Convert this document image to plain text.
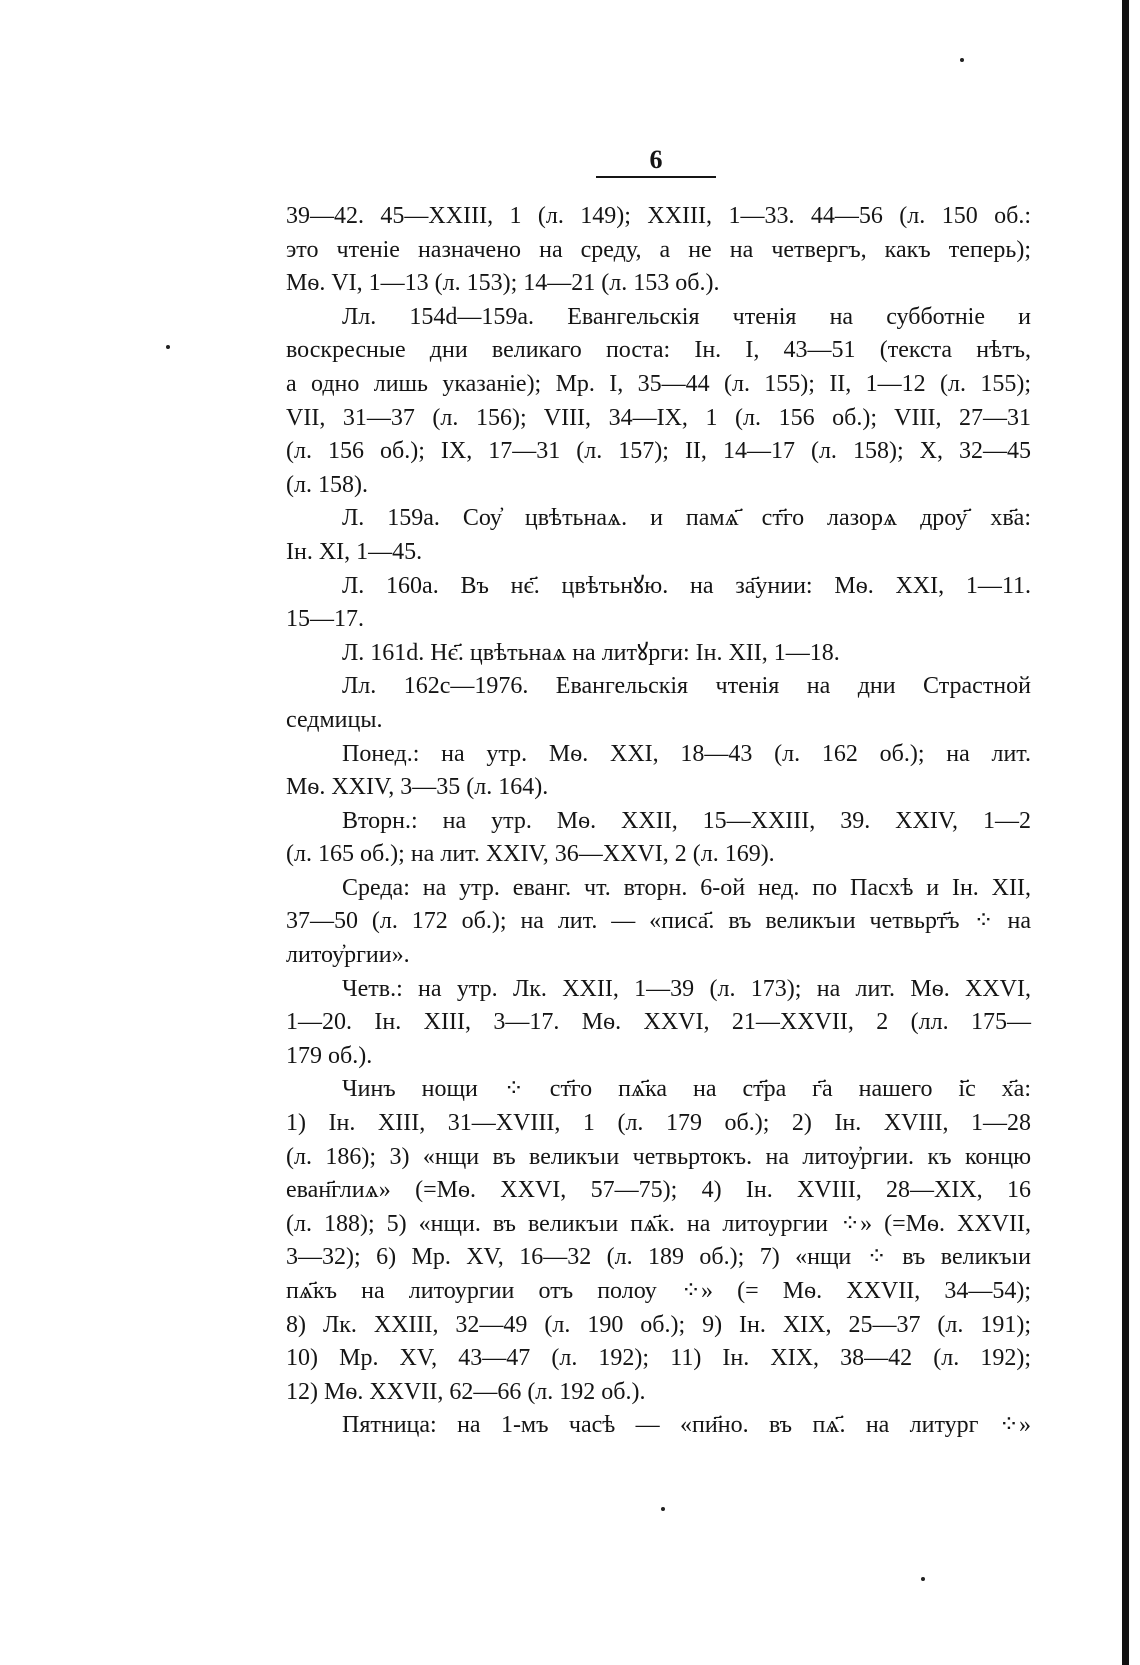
6
39—42. 45—XXIII, 1 (л. 149); XXIII, 1—33. 44—56 (л. 150 об.:
это чтеніе назначено на среду, а не на четвергъ, какъ теперь);
Мѳ. VI, 1—13 (л. 153); 14—21 (л. 153 об.).
Лл. 154d—159a. Евангельскія чтенія на субботніе и
воскресные дни великаго поста: Ін. I, 43—51 (текста нѣтъ,
а одно лишь указаніе); Мр. I, 35—44 (л. 155); II, 1—12 (л. 155);
VII, 31—37 (л. 156); VIII, 34—IX, 1 (л. 156 об.); VIII, 27—31
(л. 156 об.); IX, 17—31 (л. 157); II, 14—17 (л. 158); X, 32—45
(л. 158).
Л. 159a. Соу҆ цвѣтьнаѧ. и памѧ҃ ст҃го лазорѧ дроу҃ хв҃а:
Ін. XI, 1—45.
Л. 160a. Въ нє҃. цвѣтьнꙋю. на за҃унии: Мѳ. XXI, 1—11.
15—17.
Л. 161d. Нє҃. цвѣтьнаѧ на литꙋрги: Ін. XII, 1—18.
Лл. 162c—1976. Евангельскія чтенія на дни Страстной
седмицы.
Понед.: на утр. Мѳ. XXI, 18—43 (л. 162 об.); на лит.
Мѳ. XXIV, 3—35 (л. 164).
Вторн.: на утр. Мѳ. XXII, 15—XXIII, 39. XXIV, 1—2
(л. 165 об.); на лит. XXIV, 36—XXVI, 2 (л. 169).
Среда: на утр. еванг. чт. вторн. 6-ой нед. по Пасхѣ и Ін. XII,
37—50 (л. 172 об.); на лит. — «писа҃. въ великъıи четвьрт҃ъ ⁘ на
литоу҆ргии».
Четв.: на утр. Лк. XXII, 1—39 (л. 173); на лит. Мѳ. XXVI,
1—20. Ін. XIII, 3—17. Мѳ. XXVI, 21—XXVII, 2 (лл. 175—
179 об.).
Чинъ нощи ⁘ ст҃го пѧ҃ка на ст҃ра г҃а нашего і҃с х҃а:
1) Ін. XIII, 31—XVIII, 1 (л. 179 об.); 2) Ін. XVIII, 1—28
(л. 186); 3) «нщи въ великъıи четвьртокъ. на литоу҆ргии. къ концю
еван҃глиѧ» (=Мѳ. XXVI, 57—75); 4) Ін. XVIII, 28—XIX, 16
(л. 188); 5) «нщи. въ великъıи пѧ҃к. на литоургии ⁘» (=Мѳ. XXVII,
3—32); 6) Мр. XV, 16—32 (л. 189 об.); 7) «нщи ⁘ въ великъıи
пѧ҃къ на литоургии отъ полоу ⁘» (= Мѳ. XXVII, 34—54);
8) Лк. XXIII, 32—49 (л. 190 об.); 9) Ін. XIX, 25—37 (л. 191);
10) Мр. XV, 43—47 (л. 192); 11) Ін. XIX, 38—42 (л. 192);
12) Мѳ. XXVII, 62—66 (л. 192 об.).
Пятница: на 1-мъ часѣ — «пи҃но. въ пѧ҃. на литург ⁘»
